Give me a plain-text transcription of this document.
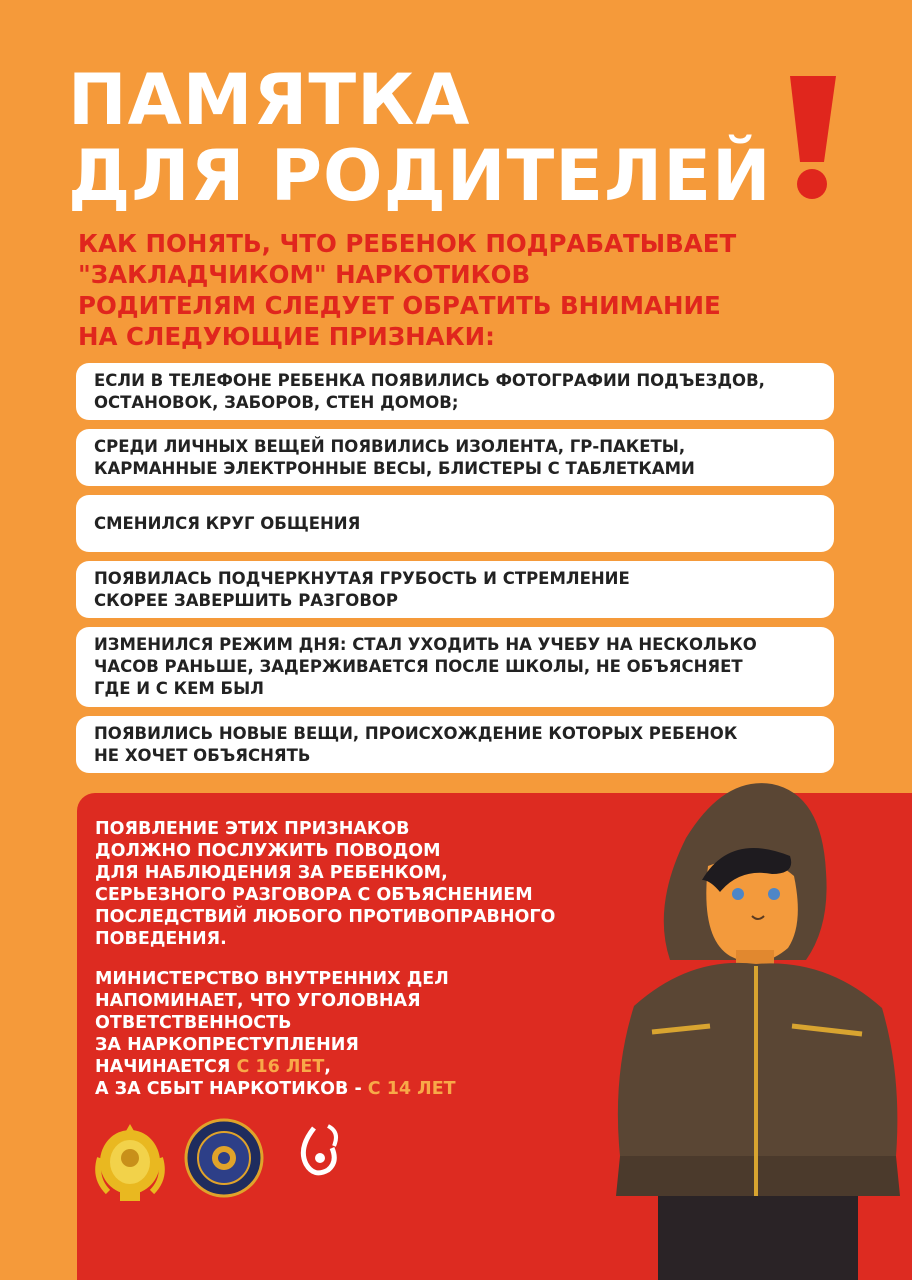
ПАМЯТКА
ДЛЯ РОДИТЕЛЕЙ
КАК ПОНЯТЬ, ЧТО РЕБЕНОК ПОДРАБАТЫВАЕТ
"ЗАКЛАДЧИКОМ" НАРКОТИКОВ
РОДИТЕЛЯМ СЛЕДУЕТ ОБРАТИТЬ ВНИМАНИЕ
НА СЛЕДУЮЩИЕ ПРИЗНАКИ:
ЕСЛИ В ТЕЛЕФОНЕ РЕБЕНКА ПОЯВИЛИСЬ ФОТОГРАФИИ ПОДЪЕЗДОВ,
ОСТАНОВОК, ЗАБОРОВ, СТЕН ДОМОВ;
СРЕДИ ЛИЧНЫХ ВЕЩЕЙ ПОЯВИЛИСЬ ИЗОЛЕНТА, ГР-ПАКЕТЫ,
КАРМАННЫЕ ЭЛЕКТРОННЫЕ ВЕСЫ, БЛИСТЕРЫ С ТАБЛЕТКАМИ
СМЕНИЛСЯ КРУГ ОБЩЕНИЯ
ПОЯВИЛАСЬ ПОДЧЕРКНУТАЯ ГРУБОСТЬ И СТРЕМЛЕНИЕ
СКОРЕЕ ЗАВЕРШИТЬ РАЗГОВОР
ИЗМЕНИЛСЯ РЕЖИМ ДНЯ: СТАЛ УХОДИТЬ НА УЧЕБУ НА НЕСКОЛЬКО
ЧАСОВ РАНЬШЕ, ЗАДЕРЖИВАЕТСЯ ПОСЛЕ ШКОЛЫ, НЕ ОБЪЯСНЯЕТ
ГДЕ И С КЕМ БЫЛ
ПОЯВИЛИСЬ НОВЫЕ ВЕЩИ, ПРОИСХОЖДЕНИЕ КОТОРЫХ РЕБЕНОК
НЕ ХОЧЕТ ОБЪЯСНЯТЬ
ПОЯВЛЕНИЕ ЭТИХ ПРИЗНАКОВ
ДОЛЖНО ПОСЛУЖИТЬ ПОВОДОМ
ДЛЯ НАБЛЮДЕНИЯ ЗА РЕБЕНКОМ,
СЕРЬЕЗНОГО РАЗГОВОРА С ОБЪЯСНЕНИЕМ
ПОСЛЕДСТВИЙ ЛЮБОГО ПРОТИВОПРАВНОГО
ПОВЕДЕНИЯ.
МИНИСТЕРСТВО ВНУТРЕННИХ ДЕЛ
НАПОМИНАЕТ, ЧТО УГОЛОВНАЯ
ОТВЕТСТВЕННОСТЬ
ЗА НАРКОПРЕСТУПЛЕНИЯ
НАЧИНАЕТСЯ С 16 ЛЕТ,
А ЗА СБЫТ НАРКОТИКОВ - С 14 ЛЕТ
